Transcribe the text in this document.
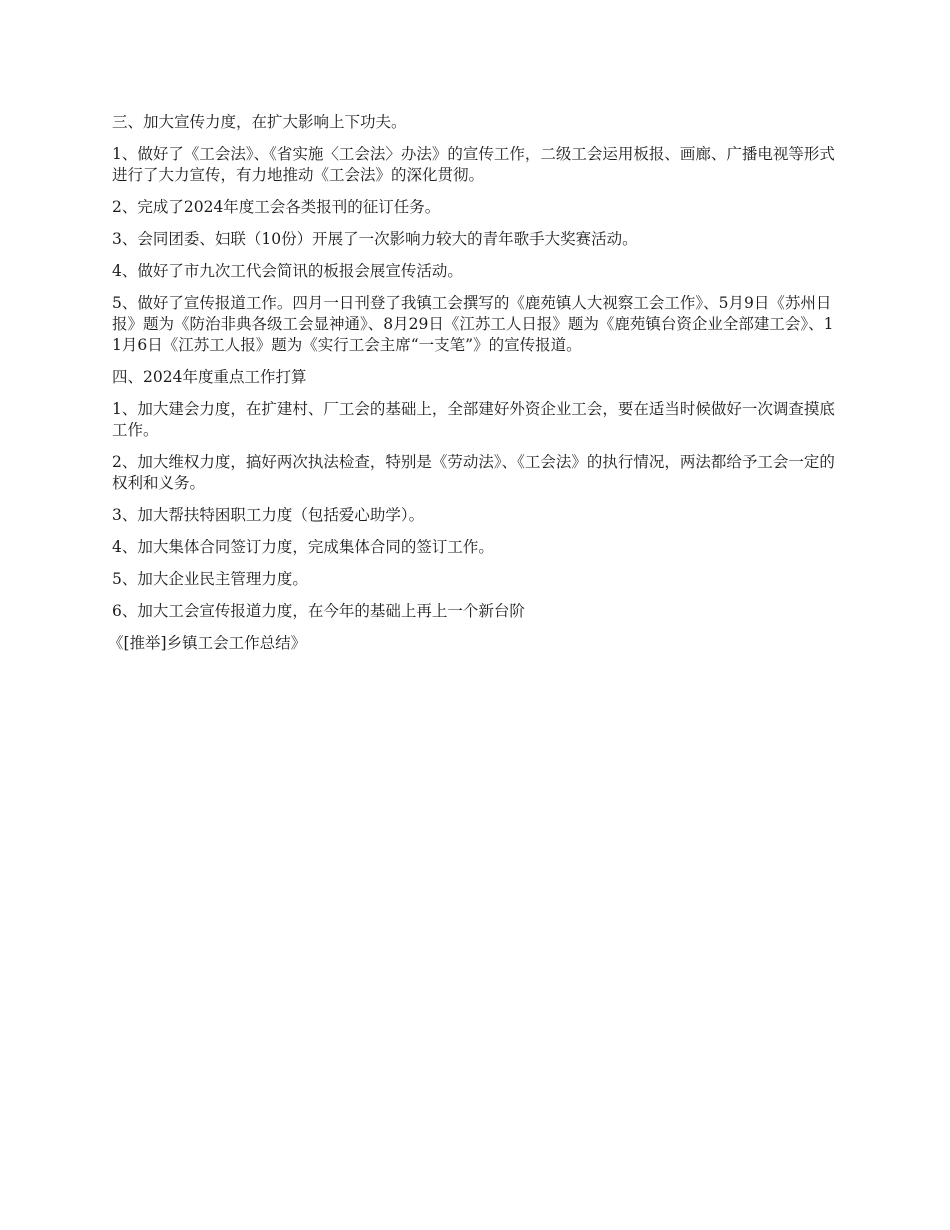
三、加大宣传力度，在扩大影响上下功夫。

1、做好了《工会法》、《省实施〈工会法〉办法》的宣传工作，二级工会运用板报、画廊、广播电视等形式进行了大力宣传，有力地推动《工会法》的深化贯彻。

2、完成了2024年度工会各类报刊的征订任务。

3、会同团委、妇联（10份）开展了一次影响力较大的青年歌手大奖赛活动。

4、做好了市九次工代会简讯的板报会展宣传活动。

5、做好了宣传报道工作。四月一日刊登了我镇工会撰写的《鹿苑镇人大视察工会工作》、5月9日《苏州日报》题为《防治非典各级工会显神通》、8月29日《江苏工人日报》题为《鹿苑镇台资企业全部建工会》、11月6日《江苏工人报》题为《实行工会主席“一支笔”》的宣传报道。

四、2024年度重点工作打算

1、加大建会力度，在扩建村、厂工会的基础上，全部建好外资企业工会，要在适当时候做好一次调查摸底工作。

2、加大维权力度，搞好两次执法检查，特别是《劳动法》、《工会法》的执行情况，两法都给予工会一定的权利和义务。

3、加大帮扶特困职工力度（包括爱心助学）。

4、加大集体合同签订力度，完成集体合同的签订工作。

5、加大企业民主管理力度。

6、加大工会宣传报道力度，在今年的基础上再上一个新台阶

《[推举]乡镇工会工作总结》
